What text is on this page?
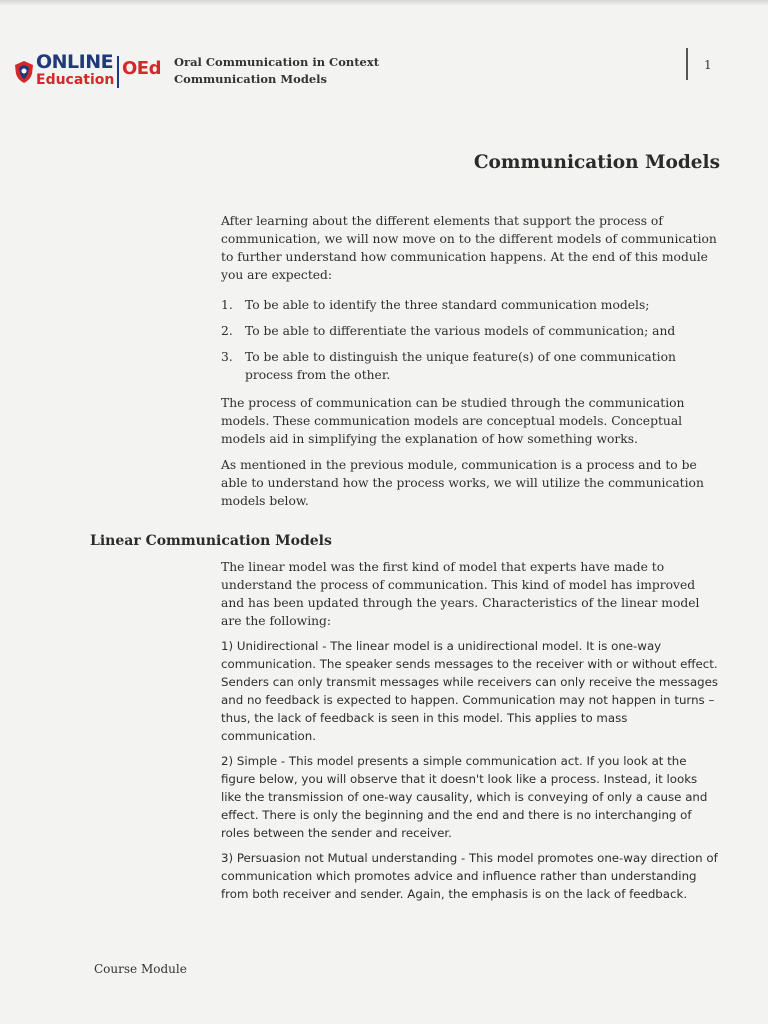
ONLINE
Education
OEd Oral Communication in Context
Communication Models
1
Communication Models

After learning about the different elements that support the process of communication, we will now move on to the different models of communication to further understand how communication happens. At the end of this module you are expected:

1. To be able to identify the three standard communication models;
2. To be able to differentiate the various models of communication; and
3. To be able to distinguish the unique feature(s) of one communication process from the other.

The process of communication can be studied through the communication models. These communication models are conceptual models. Conceptual models aid in simplifying the explanation of how something works.

As mentioned in the previous module, communication is a process and to be able to understand how the process works, we will utilize the communication models below.

Linear Communication Models

The linear model was the first kind of model that experts have made to understand the process of communication. This kind of model has improved and has been updated through the years. Characteristics of the linear model are the following:

1) Unidirectional - The linear model is a unidirectional model. It is one-way communication. The speaker sends messages to the receiver with or without effect. Senders can only transmit messages while receivers can only receive the messages and no feedback is expected to happen. Communication may not happen in turns – thus, the lack of feedback is seen in this model. This applies to mass communication.

2) Simple - This model presents a simple communication act. If you look at the figure below, you will observe that it doesn't look like a process. Instead, it looks like the transmission of one-way causality, which is conveying of only a cause and effect. There is only the beginning and the end and there is no interchanging of roles between the sender and receiver.

3) Persuasion not Mutual understanding - This model promotes one-way direction of communication which promotes advice and influence rather than understanding from both receiver and sender. Again, the emphasis is on the lack of feedback.

Course Module
